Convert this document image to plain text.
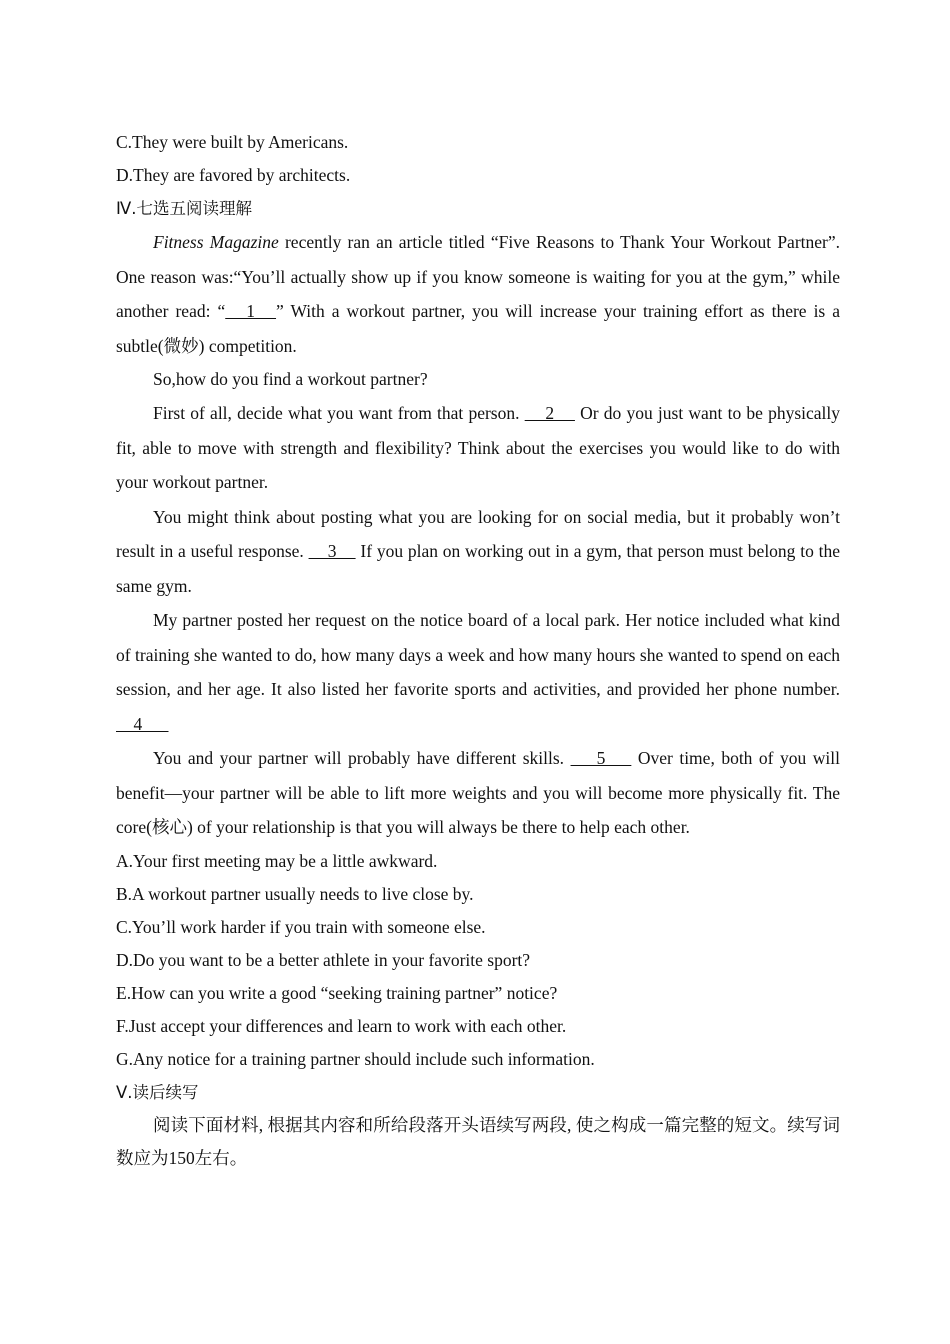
C.They were built by Americans.
D.They are favored by architects.
Ⅳ.七选五阅读理解
Fitness Magazine recently ran an article titled “Five Reasons to Thank Your Workout Partner”. One reason was:“You’ll actually show up if you know someone is waiting for you at the gym,” while another read: “   1   ” With a workout partner, you will increase your training effort as there is a subtle(微妙) competition.
So,how do you find a workout partner?
First of all, decide what you want from that person.     2     Or do you just want to be physically fit, able to move with strength and flexibility? Think about the exercises you would like to do with your workout partner.
You might think about posting what you are looking for on social media, but it probably won’t result in a useful response.     3     If you plan on working out in a gym, that person must belong to the same gym.
My partner posted her request on the notice board of a local park. Her notice included what kind of training she wanted to do, how many days a week and how many hours she wanted to spend on each session, and her age. It also listed her favorite sports and activities, and provided her phone number.     4
You and your partner will probably have different skills.     5     Over time, both of you will benefit—your partner will be able to lift more weights and you will become more physically fit. The core(核心) of your relationship is that you will always be there to help each other.
A.Your first meeting may be a little awkward.
B.A workout partner usually needs to live close by.
C.You’ll work harder if you train with someone else.
D.Do you want to be a better athlete in your favorite sport?
E.How can you write a good “seeking training partner” notice?
F.Just accept your differences and learn to work with each other.
G.Any notice for a training partner should include such information.
Ⅴ.读后续写
阅读下面材料, 根据其内容和所给段落开头语续写两段, 使之构成一篇完整的短文。续写词数应为150左右。
